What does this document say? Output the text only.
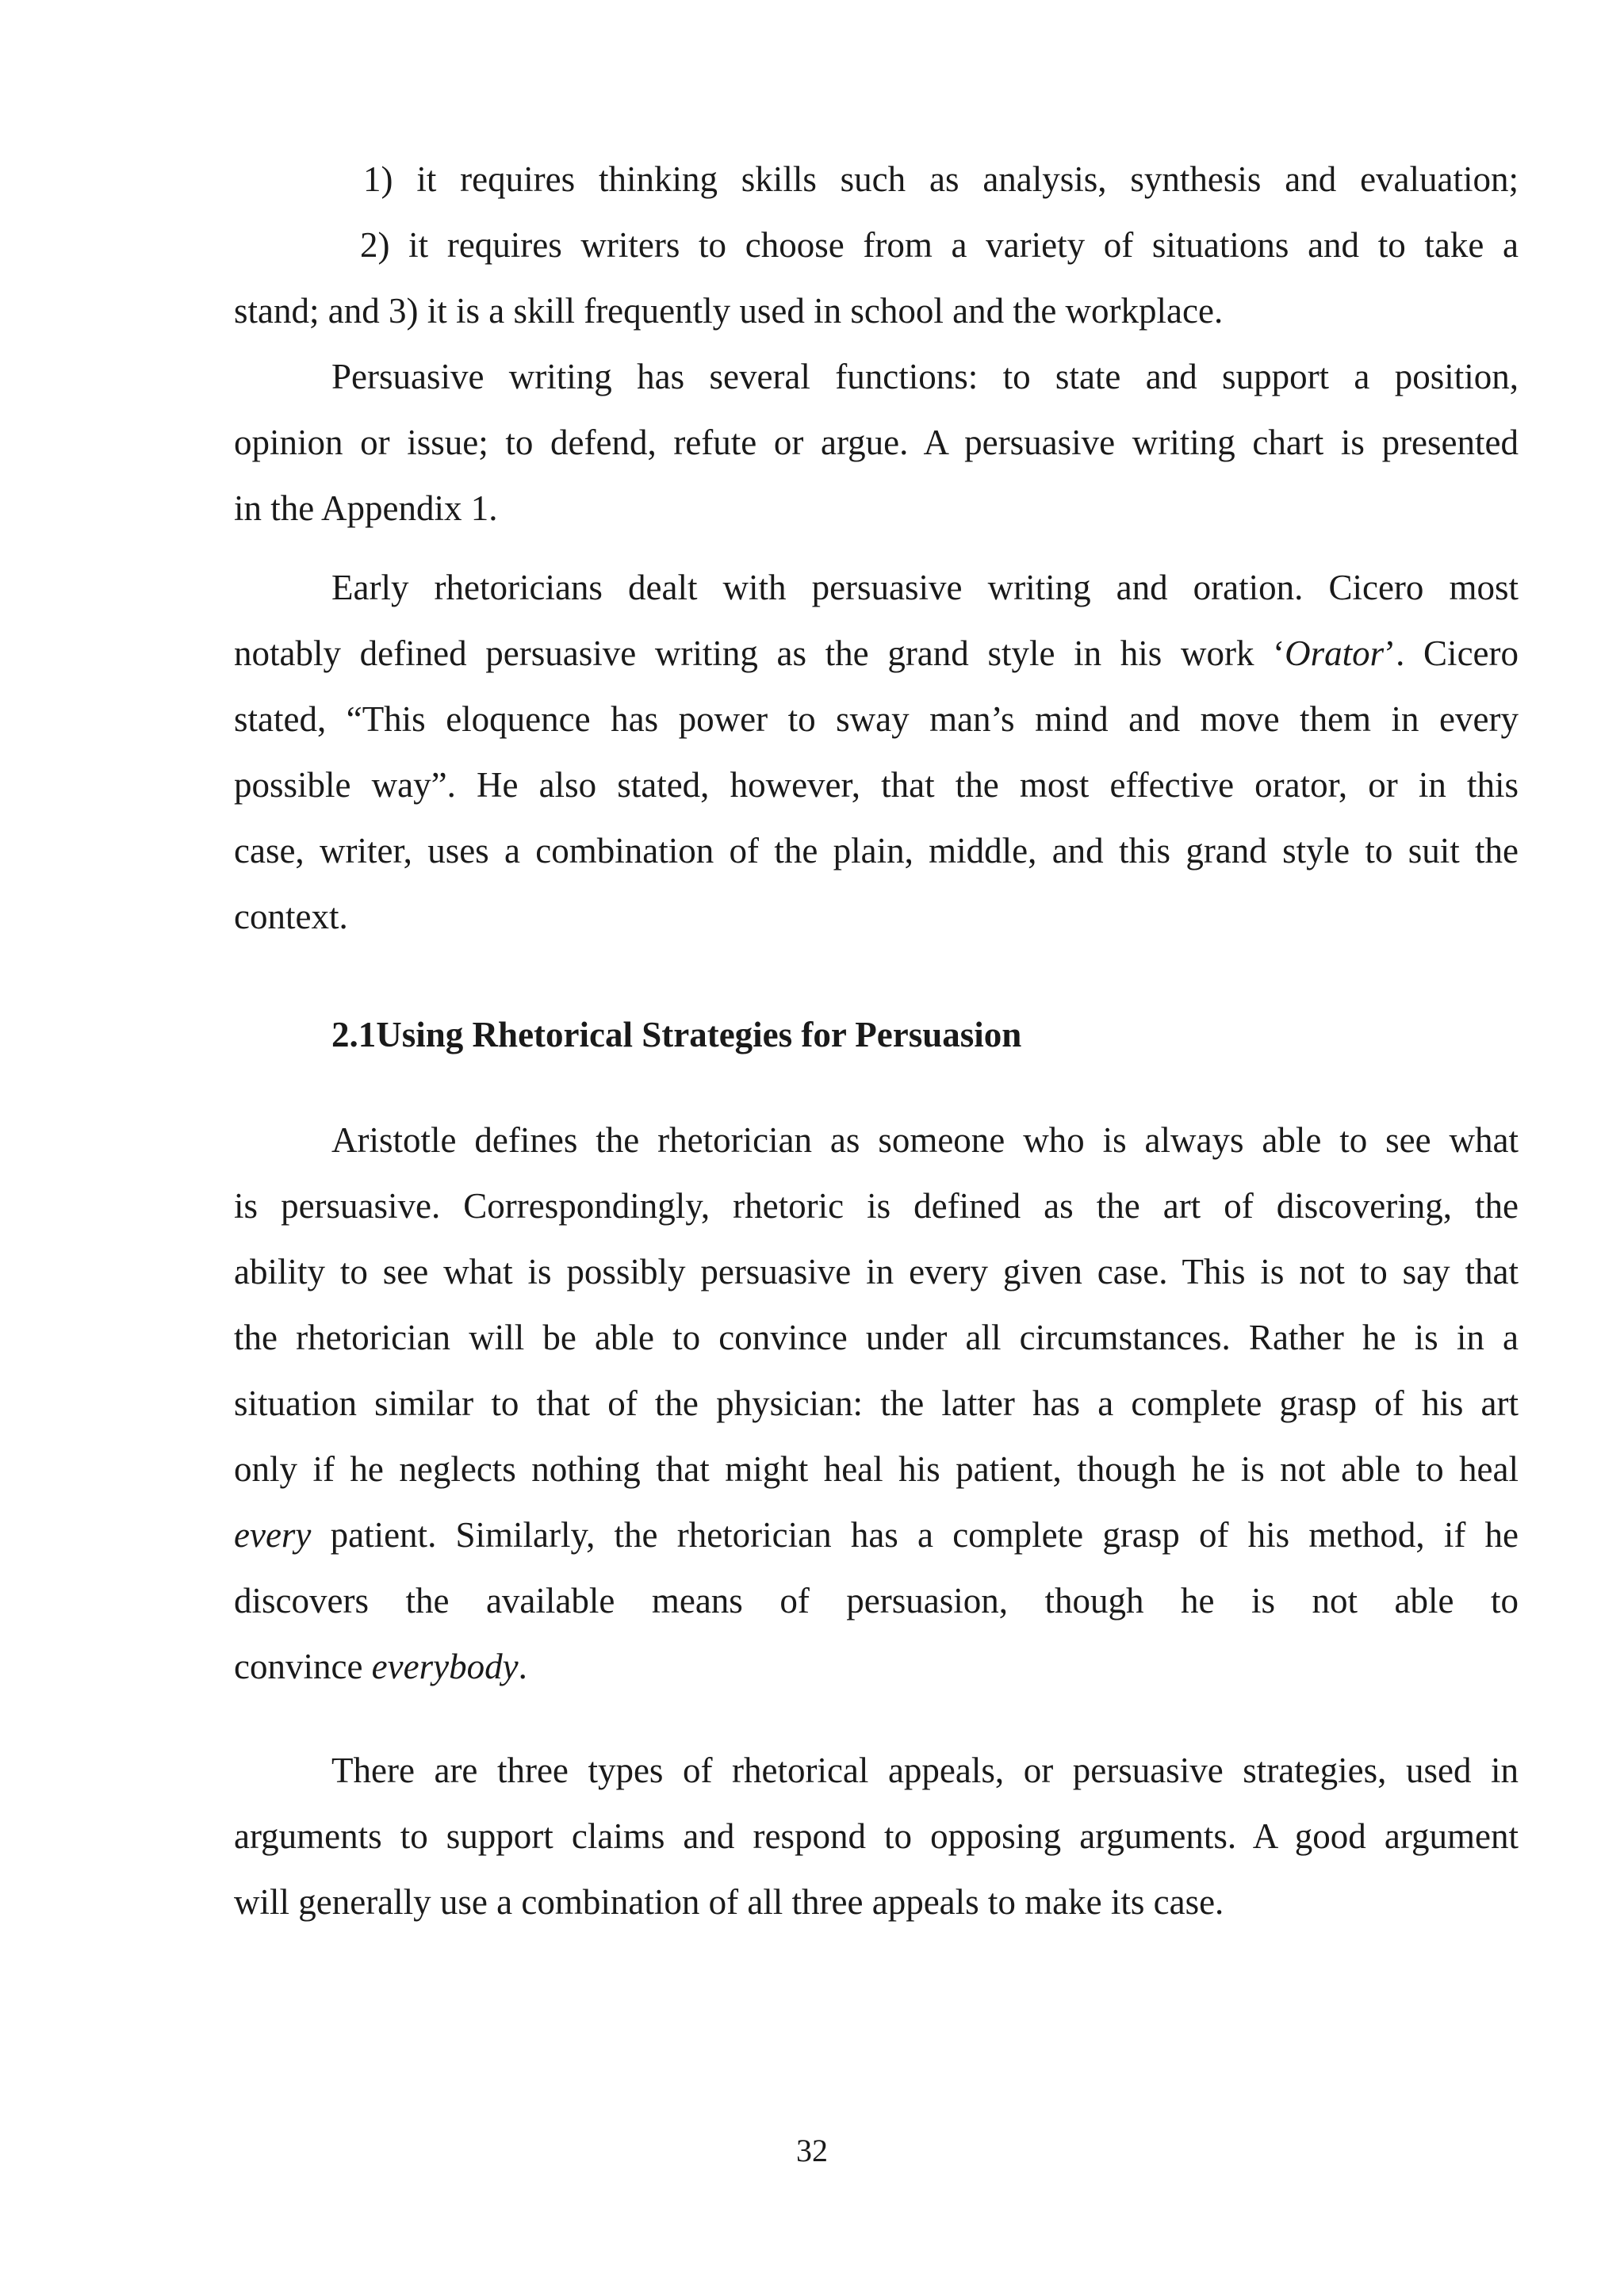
1) it requires thinking skills such as analysis, synthesis and evaluation;
2) it requires writers to choose from a variety of situations and to take a
stand; and 3) it is a skill frequently used in school and the workplace.
Persuasive writing has several functions: to state and support a position,
opinion or issue; to defend, refute or argue. A persuasive writing chart is presented
in the Appendix 1.
Early rhetoricians dealt with persuasive writing and oration. Cicero most
notably defined persuasive writing as the grand style in his work ‘Orator’. Cicero
stated, “This eloquence has power to sway man’s mind and move them in every
possible way”. He also stated, however, that the most effective orator, or in this
case, writer, uses a combination of the plain, middle, and this grand style to suit the
context.
2.1Using Rhetorical Strategies for Persuasion
Aristotle defines the rhetorician as someone who is always able to see what
is persuasive. Correspondingly, rhetoric is defined as the art of discovering, the
ability to see what is possibly persuasive in every given case. This is not to say that
the rhetorician will be able to convince under all circumstances. Rather he is in a
situation similar to that of the physician: the latter has a complete grasp of his art
only if he neglects nothing that might heal his patient, though he is not able to heal
every patient. Similarly, the rhetorician has a complete grasp of his method, if he
discovers the available means of persuasion, though he is not able to
convince everybody.
There are three types of rhetorical appeals, or persuasive strategies, used in
arguments to support claims and respond to opposing arguments. A good argument
will generally use a combination of all three appeals to make its case.
32
